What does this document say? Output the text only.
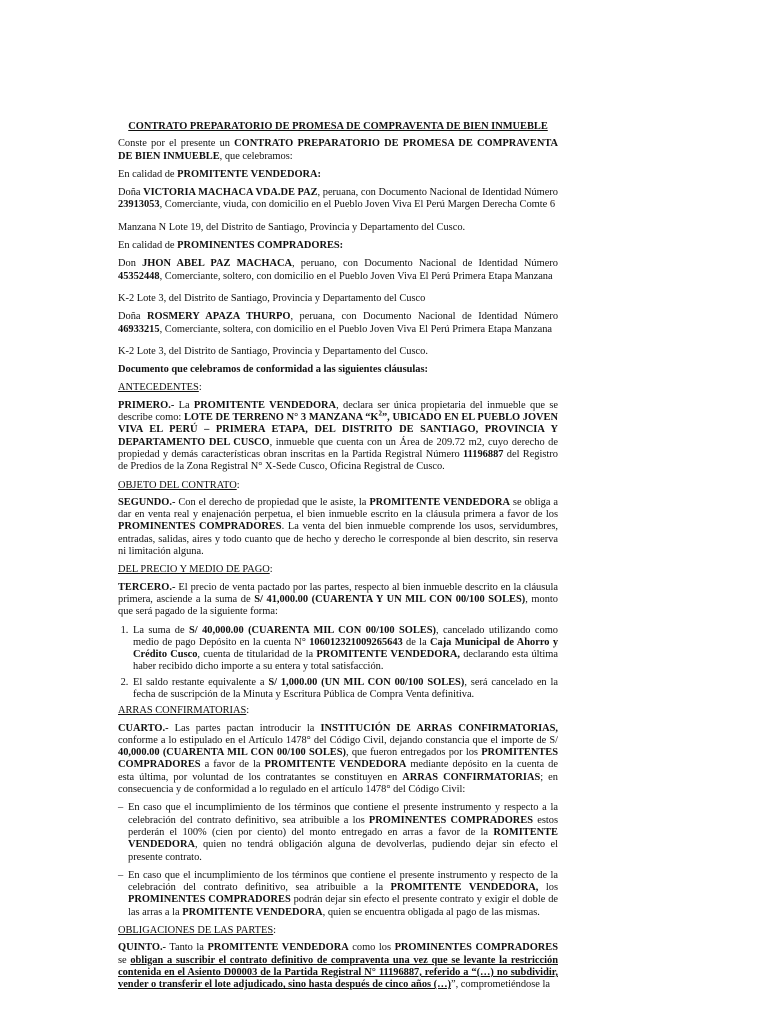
CONTRATO PREPARATORIO DE PROMESA DE COMPRAVENTA DE BIEN INMUEBLE

Conste por el presente un CONTRATO PREPARATORIO DE PROMESA DE COMPRAVENTA DE BIEN INMUEBLE, que celebramos:

En calidad de PROMITENTE VENDEDORA:

Doña VICTORIA MACHACA VDA.DE PAZ, peruana, con Documento Nacional de Identidad Número 23913053, Comerciante, viuda, con domicilio en el Pueblo Joven Viva El Perú Margen Derecha Comte 6

Manzana N Lote 19, del Distrito de Santiago, Provincia y Departamento del Cusco.

En calidad de PROMINENTES COMPRADORES:

Don JHON ABEL PAZ MACHACA, peruano, con Documento Nacional de Identidad Número 45352448, Comerciante, soltero, con domicilio en el Pueblo Joven Viva El Perú Primera Etapa Manzana

K-2 Lote 3, del Distrito de Santiago, Provincia y Departamento del Cusco

Doña ROSMERY APAZA THURPO, peruana, con Documento Nacional de Identidad Número 46933215, Comerciante, soltera, con domicilio en el Pueblo Joven Viva El Perú Primera Etapa Manzana

K-2 Lote 3, del Distrito de Santiago, Provincia y Departamento del Cusco.

Documento que celebramos de conformidad a las siguientes cláusulas:

ANTECEDENTES:

PRIMERO.- La PROMITENTE VENDEDORA, declara ser única propietaria del inmueble que se describe como: LOTE DE TERRENO N° 3 MANZANA “$K^2$”, UBICADO EN EL PUEBLO JOVEN VIVA EL PERÚ – PRIMERA ETAPA, DEL DISTRITO DE SANTIAGO, PROVINCIA Y DEPARTAMENTO DEL CUSCO, inmueble que cuenta con un Área de 209.72 m2, cuyo derecho de propiedad y demás características obran inscritas en la Partida Registral Número 11196887 del Registro de Predios de la Zona Registral N° X-Sede Cusco, Oficina Registral de Cusco.

OBJETO DEL CONTRATO:

SEGUNDO.- Con el derecho de propiedad que le asiste, la PROMITENTE VENDEDORA se obliga a dar en venta real y enajenación perpetua, el bien inmueble escrito en la cláusula primera a favor de los PROMINENTES COMPRADORES. La venta del bien inmueble comprende los usos, servidumbres, entradas, salidas, aires y todo cuanto que de hecho y derecho le corresponde al bien descrito, sin reserva ni limitación alguna.

DEL PRECIO Y MEDIO DE PAGO:

TERCERO.- El precio de venta pactado por las partes, respecto al bien inmueble descrito en la cláusula primera, asciende a la suma de S/ 41,000.00 (CUARENTA Y UN MIL CON 00/100 SOLES), monto que será pagado de la siguiente forma:

1. La suma de S/ 40,000.00 (CUARENTA MIL CON 00/100 SOLES), cancelado utilizando como medio de pago Depósito en la cuenta N° 106012321009265643 de la Caja Municipal de Ahorro y Crédito Cusco, cuenta de titularidad de la PROMITENTE VENDEDORA, declarando esta última haber recibido dicho importe a su entera y total satisfacción.
2. El saldo restante equivalente a S/ 1,000.00 (UN MIL CON 00/100 SOLES), será cancelado en la fecha de suscripción de la Minuta y Escritura Pública de Compra Venta definitiva.

ARRAS CONFIRMATORIAS:

CUARTO.- Las partes pactan introducir la INSTITUCIÓN DE ARRAS CONFIRMATORIAS, conforme a lo estipulado en el Artículo 1478° del Código Civil, dejando constancia que el importe de S/ 40,000.00 (CUARENTA MIL CON 00/100 SOLES), que fueron entregados por los PROMITENTES COMPRADORES a favor de la PROMITENTE VENDEDORA mediante depósito en la cuenta de esta última, por voluntad de los contratantes se constituyen en ARRAS CONFIRMATORIAS; en consecuencia y de conformidad a lo regulado en el artículo 1478° del Código Civil:

– En caso que el incumplimiento de los términos que contiene el presente instrumento y respecto a la celebración del contrato definitivo, sea atribuible a los PROMINENTES COMPRADORES estos perderán el 100% (cien por ciento) del monto entregado en arras a favor de la ROMITENTE VENDEDORA, quien no tendrá obligación alguna de devolverlas, pudiendo dejar sin efecto el presente contrato.
– En caso que el incumplimiento de los términos que contiene el presente instrumento y respecto de la celebración del contrato definitivo, sea atribuible a la PROMITENTE VENDEDORA, los PROMINENTES COMPRADORES podrán dejar sin efecto el presente contrato y exigir el doble de las arras a la PROMITENTE VENDEDORA, quien se encuentra obligada al pago de las mismas.

OBLIGACIONES DE LAS PARTES:

QUINTO.- Tanto la PROMITENTE VENDEDORA como los PROMINENTES COMPRADORES se obligan a suscribir el contrato definitivo de compraventa una vez que se levante la restricción contenida en el Asiento D00003 de la Partida Registral N° 11196887, referido a “(…) no subdividir, vender o transferir el lote adjudicado, sino hasta después de cinco años (…)”, comprometiéndose la
